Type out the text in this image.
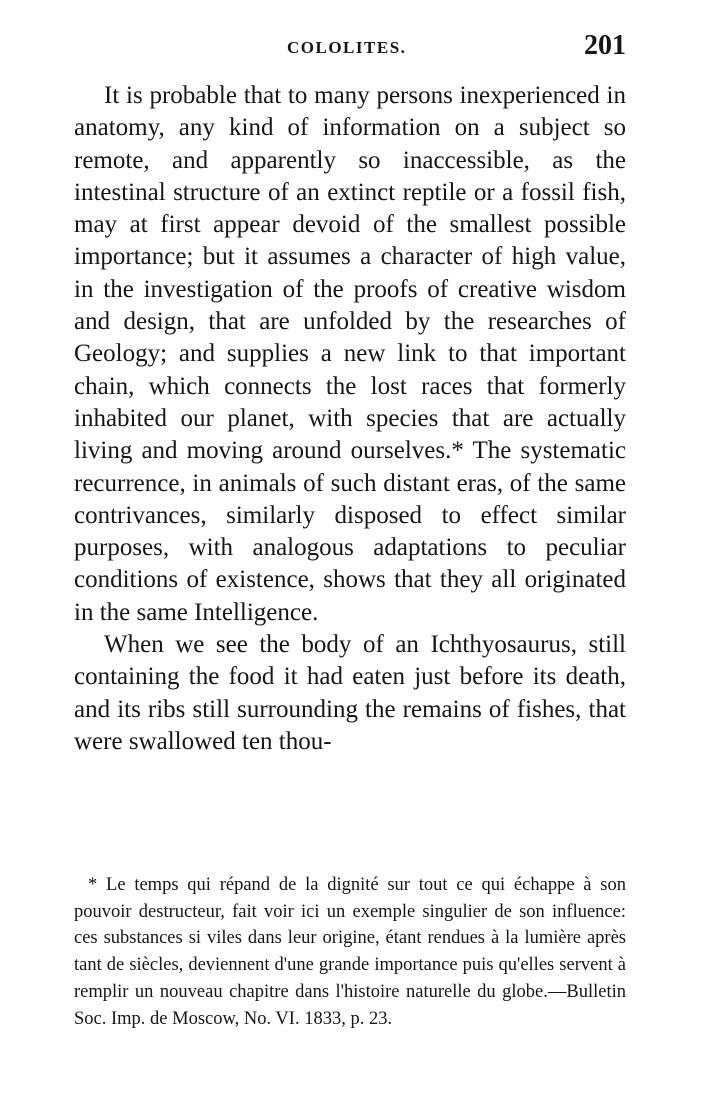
COLOLITES.	201

It is probable that to many persons inexperienced in anatomy, any kind of information on a subject so remote, and apparently so inaccessible, as the intestinal structure of an extinct reptile or a fossil fish, may at first appear devoid of the smallest possible importance; but it assumes a character of high value, in the investigation of the proofs of creative wisdom and design, that are unfolded by the researches of Geology; and supplies a new link to that important chain, which connects the lost races that formerly inhabited our planet, with species that are actually living and moving around ourselves.* The systematic recurrence, in animals of such distant eras, of the same contrivances, similarly disposed to effect similar purposes, with analogous adaptations to peculiar conditions of existence, shows that they all originated in the same Intelligence.

When we see the body of an Ichthyosaurus, still containing the food it had eaten just before its death, and its ribs still surrounding the remains of fishes, that were swallowed ten thou-

* Le temps qui répand de la dignité sur tout ce qui échappe à son pouvoir destructeur, fait voir ici un exemple singulier de son influence: ces substances si viles dans leur origine, étant rendues à la lumière après tant de siècles, deviennent d'une grande importance puis qu'elles servent à remplir un nouveau chapitre dans l'histoire naturelle du globe.—Bulletin Soc. Imp. de Moscow, No. VI. 1833, p. 23.
